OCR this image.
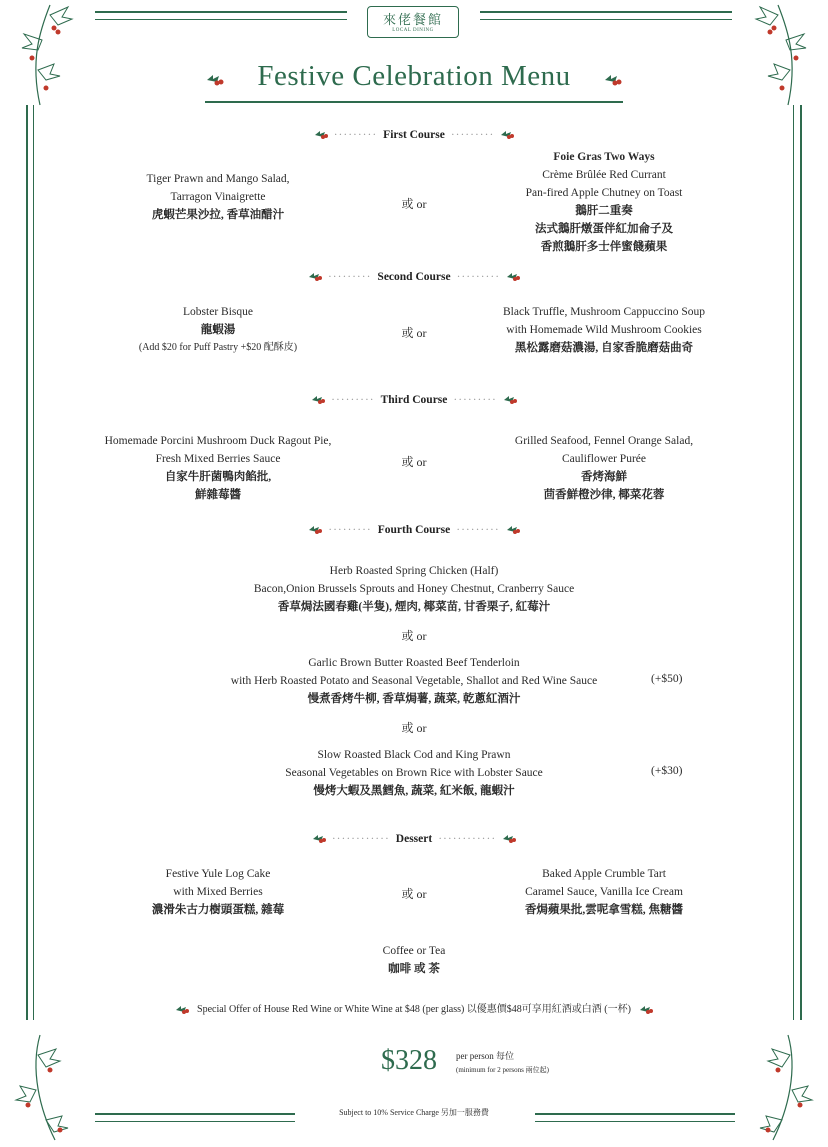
來佬餐館
LOCAL DINING
Festive Celebration Menu
········· First Course ·········
Tiger Prawn and Mango Salad,
Tarragon Vinaigrette
虎蝦芒果沙拉, 香草油醋汁
或 or
Foie Gras Two Ways
Crème Brûlée Red Currant
Pan-fired Apple Chutney on Toast
鵝肝二重奏
法式鵝肝燉蛋伴紅加侖子及
香煎鵝肝多士伴蜜餞蘋果
········· Second Course ·········
Lobster Bisque
龍蝦湯
(Add $20 for Puff Pastry +$20 配酥皮)
或 or
Black Truffle, Mushroom Cappuccino Soup
with Homemade Wild Mushroom Cookies
黑松露磨菇濃湯, 自家香脆磨菇曲奇
········· Third Course ·········
Homemade Porcini Mushroom Duck Ragout Pie,
Fresh Mixed Berries Sauce
自家牛肝菌鴨肉餡批,
鮮雜莓醬
或 or
Grilled Seafood, Fennel Orange Salad,
Cauliflower Purée
香烤海鮮
茴香鮮橙沙律, 椰菜花蓉
········· Fourth Course ·········
Herb Roasted Spring Chicken (Half)
Bacon,Onion Brussels Sprouts and Honey Chestnut, Cranberry Sauce
香草焗法國春雞(半隻), 煙肉, 椰菜苗, 甘香栗子, 紅莓汁
或 or
Garlic Brown Butter Roasted Beef Tenderloin
with Herb Roasted Potato and Seasonal Vegetable, Shallot and Red Wine Sauce
慢煮香烤牛柳, 香草焗薯, 蔬菜, 乾蔥紅酒汁
(+$50)
或 or
Slow Roasted Black Cod and King Prawn
Seasonal Vegetables on Brown Rice with Lobster Sauce
慢烤大蝦及黑鱈魚, 蔬菜, 紅米飯, 龍蝦汁
(+$30)
············ Dessert ············
Festive Yule Log Cake
with Mixed Berries
濃滑朱古力樹頭蛋糕, 雜莓
或 or
Baked Apple Crumble Tart
Caramel Sauce, Vanilla Ice Cream
香焗蘋果批,雲呢拿雪糕, 焦糖醬
Coffee or Tea
咖啡 或 茶
Special Offer of House Red Wine or White Wine at $48 (per glass) 以優惠價$48可享用紅酒或白酒 (一杯)
$328 per person 每位
(minimum for 2 persons 兩位起)
Subject to 10% Service Charge 另加一服務費
